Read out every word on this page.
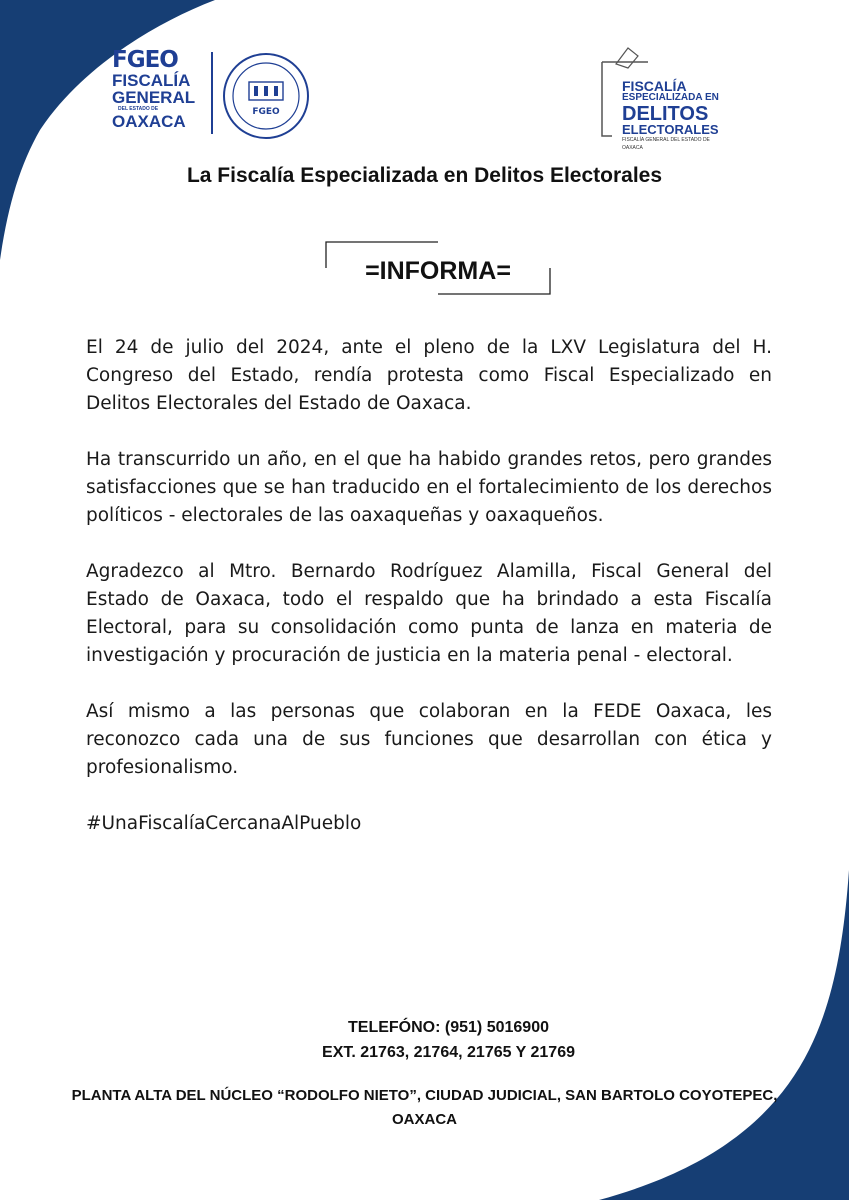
FGEO
FISCALÍA
GENERAL
DEL ESTADO DE
OAXACA	FGEO
FISCALÍA
ESPECIALIZADA EN
DELITOS
ELECTORALES
FISCALÍA GENERAL DEL ESTADO DE OAXACA
La Fiscalía Especializada en Delitos Electorales
=INFORMA=

El 24 de julio del 2024, ante el pleno de la LXV Legislatura del H. Congreso del Estado, rendía protesta como Fiscal Especializado en Delitos Electorales del Estado de Oaxaca.

Ha transcurrido un año, en el que ha habido grandes retos, pero grandes satisfacciones que se han traducido en el fortalecimiento de los derechos políticos - electorales de las oaxaqueñas y oaxaqueños.

Agradezco al Mtro. Bernardo Rodríguez Alamilla, Fiscal General del Estado de Oaxaca, todo el respaldo que ha brindado a esta Fiscalía Electoral, para su consolidación como punta de lanza en materia de investigación y procuración de justicia en la materia penal - electoral.

Así mismo a las personas que colaboran en la FEDE Oaxaca, les reconozco cada una de sus funciones que desarrollan con ética y profesionalismo.

#UnaFiscalíaCercanaAlPueblo

TELEFÓNO: (951) 5016900
EXT. 21763, 21764, 21765 Y 21769
PLANTA ALTA DEL NÚCLEO “RODOLFO NIETO”, CIUDAD JUDICIAL, SAN BARTOLO COYOTEPEC, OAXACA
